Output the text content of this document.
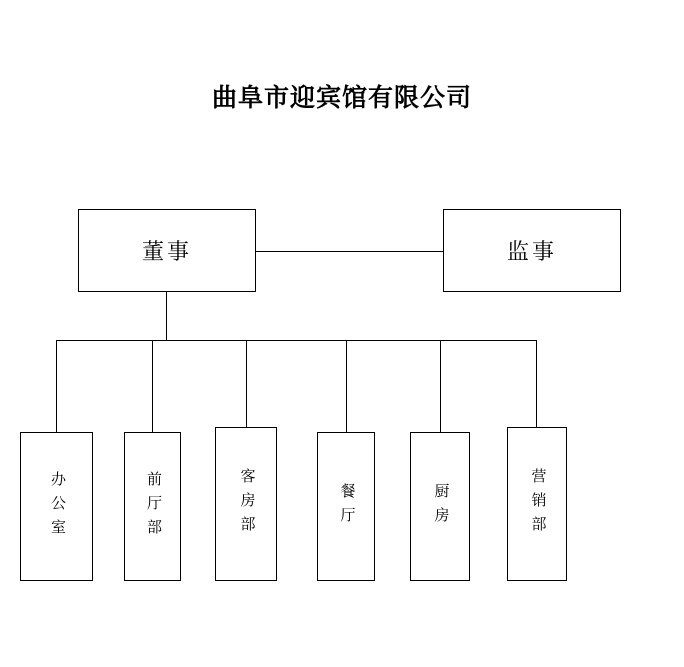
曲阜市迎宾馆有限公司
董事	监事
办公室	前厅部	客房部	餐厅	厨房	营销部
